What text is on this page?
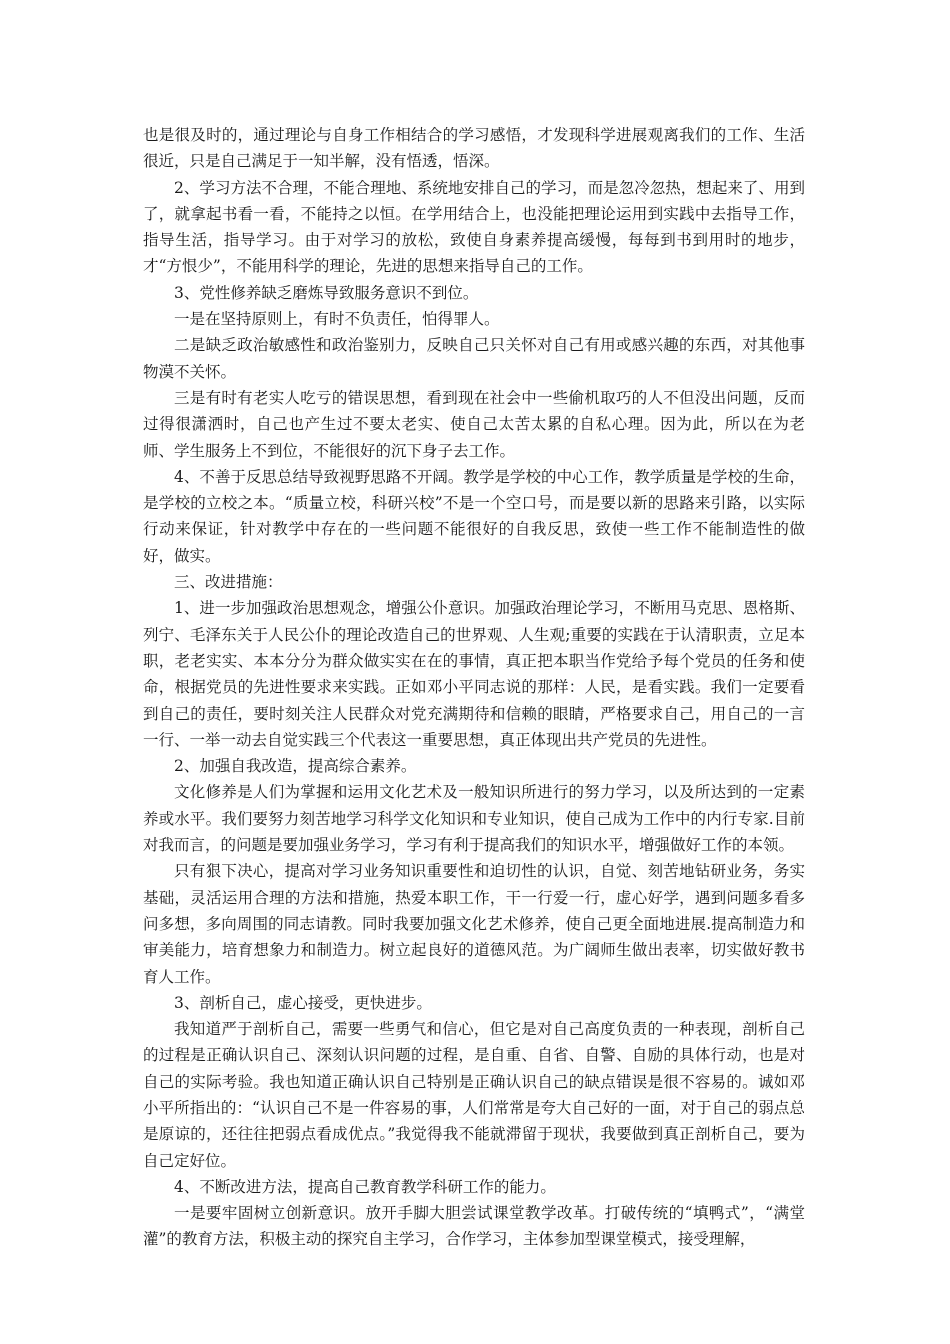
也是很及时的，通过理论与自身工作相结合的学习感悟，才发现科学进展观离我们的工作、生活很近，只是自己满足于一知半解，没有悟透，悟深。

2、学习方法不合理，不能合理地、系统地安排自己的学习，而是忽冷忽热，想起来了、用到了，就拿起书看一看，不能持之以恒。在学用结合上，也没能把理论运用到实践中去指导工作，指导生活，指导学习。由于对学习的放松，致使自身素养提高缓慢，每每到书到用时的地步，才“方恨少”，不能用科学的理论，先进的思想来指导自己的工作。

3、党性修养缺乏磨炼导致服务意识不到位。

一是在坚持原则上，有时不负责任，怕得罪人。

二是缺乏政治敏感性和政治鉴别力，反映自己只关怀对自己有用或感兴趣的东西，对其他事物漠不关怀。

三是有时有老实人吃亏的错误思想，看到现在社会中一些偷机取巧的人不但没出问题，反而过得很潇洒时，自己也产生过不要太老实、使自己太苦太累的自私心理。因为此，所以在为老师、学生服务上不到位，不能很好的沉下身子去工作。

4、不善于反思总结导致视野思路不开阔。教学是学校的中心工作，教学质量是学校的生命，是学校的立校之本。“质量立校，科研兴校”不是一个空口号，而是要以新的思路来引路，以实际行动来保证，针对教学中存在的一些问题不能很好的自我反思，致使一些工作不能制造性的做好，做实。

三、改进措施：

1、进一步加强政治思想观念，增强公仆意识。加强政治理论学习，不断用马克思、恩格斯、列宁、毛泽东关于人民公仆的理论改造自己的世界观、人生观;重要的实践在于认清职责，立足本职，老老实实、本本分分为群众做实实在在的事情，真正把本职当作党给予每个党员的任务和使命，根据党员的先进性要求来实践。正如邓小平同志说的那样：人民，是看实践。我们一定要看到自己的责任，要时刻关注人民群众对党充满期待和信赖的眼睛，严格要求自己，用自己的一言一行、一举一动去自觉实践三个代表这一重要思想，真正体现出共产党员的先进性。

2、加强自我改造，提高综合素养。

文化修养是人们为掌握和运用文化艺术及一般知识所进行的努力学习，以及所达到的一定素养或水平。我们要努力刻苦地学习科学文化知识和专业知识，使自己成为工作中的内行专家.目前对我而言，的问题是要加强业务学习，学习有利于提高我们的知识水平，增强做好工作的本领。

只有狠下决心，提高对学习业务知识重要性和迫切性的认识，自觉、刻苦地钻研业务，务实基础，灵活运用合理的方法和措施，热爱本职工作，干一行爱一行，虚心好学，遇到问题多看多问多想，多向周围的同志请教。同时我要加强文化艺术修养，使自己更全面地进展.提高制造力和审美能力，培育想象力和制造力。树立起良好的道德风范。为广阔师生做出表率，切实做好教书育人工作。

3、剖析自己，虚心接受，更快进步。

我知道严于剖析自己，需要一些勇气和信心，但它是对自己高度负责的一种表现，剖析自己的过程是正确认识自己、深刻认识问题的过程，是自重、自省、自警、自励的具体行动，也是对自己的实际考验。我也知道正确认识自己特别是正确认识自己的缺点错误是很不容易的。诚如邓小平所指出的：“认识自己不是一件容易的事，人们常常是夸大自己好的一面，对于自己的弱点总是原谅的，还往往把弱点看成优点。”我觉得我不能就滞留于现状，我要做到真正剖析自己，要为自己定好位。

4、不断改进方法，提高自己教育教学科研工作的能力。

一是要牢固树立创新意识。放开手脚大胆尝试课堂教学改革。打破传统的“填鸭式”，“满堂灌”的教育方法，积极主动的探究自主学习，合作学习，主体参加型课堂模式，接受理解，
